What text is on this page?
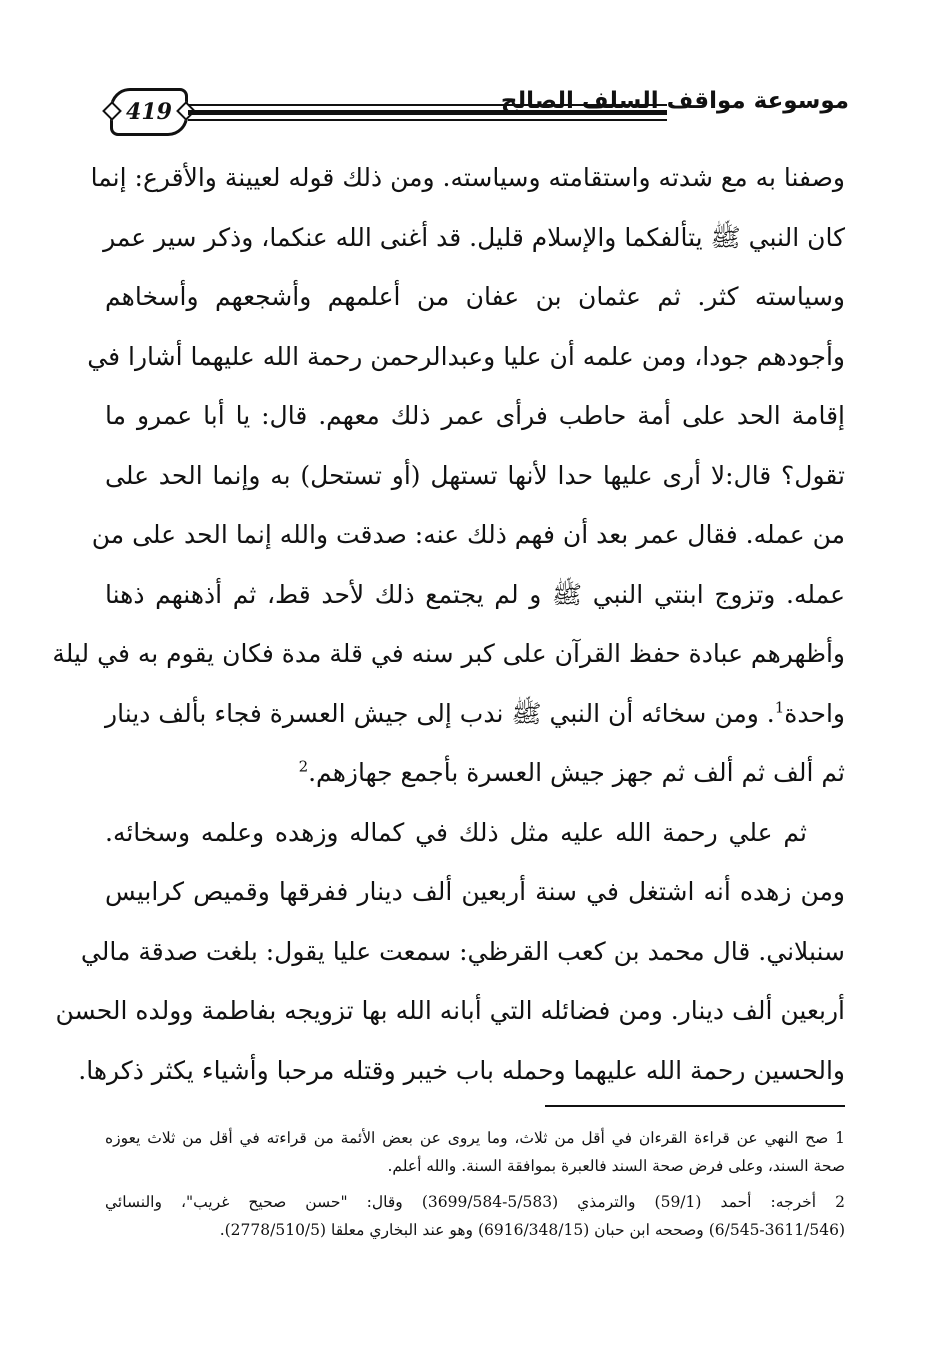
419	موسوعة مواقف السلف الصالح
وصفنا به مع شدته واستقامته وسياسته. ومن ذلك قوله لعيينة والأقرع: إنما
كان النبي ﷺ يتألفكما والإسلام قليل. قد أغنى الله عنكما، وذكر سير عمر
وسياسته كثر. ثم عثمان بن عفان من أعلمهم وأشجعهم وأسخاهم
وأجودهم جودا، ومن علمه أن عليا وعبدالرحمن رحمة الله عليهما أشارا في
إقامة الحد على أمة حاطب فرأى عمر ذلك معهم. قال: يا أبا عمرو ما
تقول؟ قال:لا أرى عليها حدا لأنها تستهل (أو تستحل) به وإنما الحد على
من عمله. فقال عمر بعد أن فهم ذلك عنه: صدقت والله إنما الحد على من
عمله. وتزوج ابنتي النبي ﷺ و لم يجتمع ذلك لأحد قط، ثم أذهنهم ذهنا
وأظهرهم عبادة حفظ القرآن على كبر سنه في قلة مدة فكان يقوم به في ليلة
واحدة$^1$. ومن سخائه أن النبي ﷺ ندب إلى جيش العسرة فجاء بألف دينار
ثم ألف ثم ألف ثم جهز جيش العسرة بأجمع جهازهم.$^2$
ثم علي رحمة الله عليه مثل ذلك في كماله وزهده وعلمه وسخائه.
ومن زهده أنه اشتغل في سنة أربعين ألف دينار ففرقها وقميص كرابيس
سنبلاني. قال محمد بن كعب القرظي: سمعت عليا يقول: بلغت صدقة مالي
أربعين ألف دينار. ومن فضائله التي أبانه الله بها تزويجه بفاطمة وولده الحسن
والحسين رحمة الله عليهما وحمله باب خيبر وقتله مرحبا وأشياء يكثر ذكرها.
1 صح النهي عن قراءة القرءان في أقل من ثلاث، وما يروى عن بعض الأئمة من قراءته في أقل من ثلاث يعوزه
صحة السند، وعلى فرض صحة السند فالعبرة بموافقة السنة. والله أعلم.
2 أخرجه: أحمد (59/1) والترمذي (5/583-3699/584) وقال: "حسن صحيح غريب"، والنسائي
(6/545-3611/546) وصححه ابن حبان (6916/348/15) وهو عند البخاري معلقا (2778/510/5).
